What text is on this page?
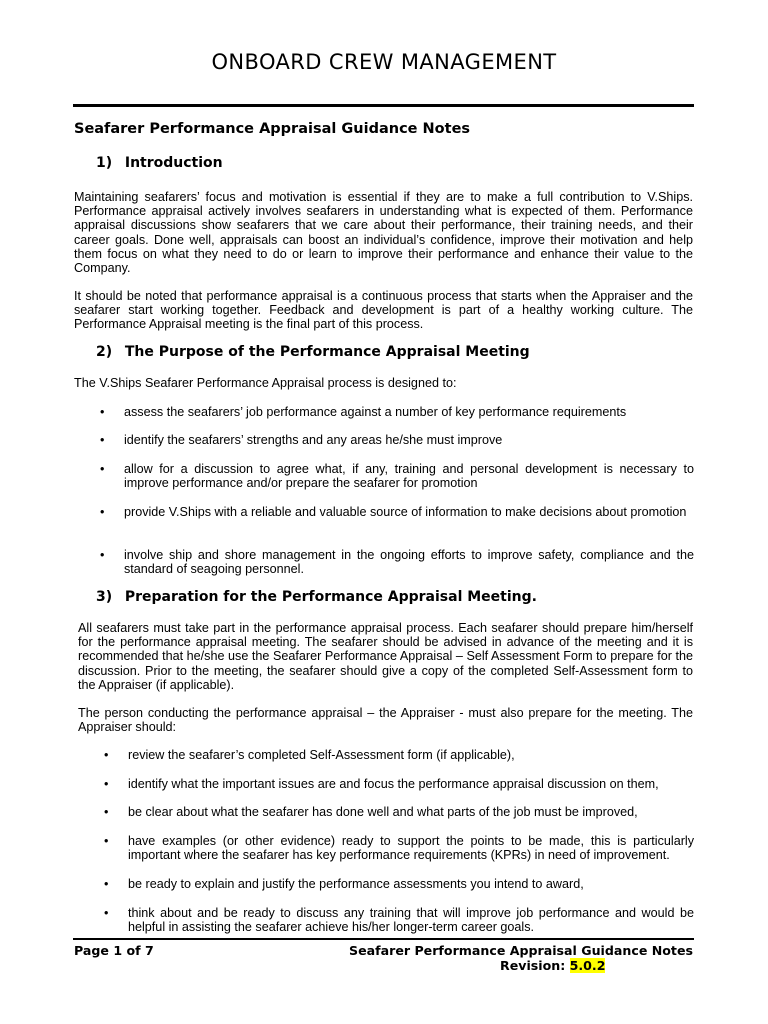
ONBOARD CREW MANAGEMENT
Seafarer Performance Appraisal Guidance Notes
1) Introduction

Maintaining seafarers’ focus and motivation is essential if they are to make a full contribution to V.Ships. Performance appraisal actively involves seafarers in understanding what is expected of them. Performance appraisal discussions show seafarers that we care about their performance, their training needs, and their career goals. Done well, appraisals can boost an individual’s confidence, improve their motivation and help them focus on what they need to do or learn to improve their performance and enhance their value to the Company.

It should be noted that performance appraisal is a continuous process that starts when the Appraiser and the seafarer start working together. Feedback and development is part of a healthy working culture. The Performance Appraisal meeting is the final part of this process.

2) The Purpose of the Performance Appraisal Meeting

The V.Ships Seafarer Performance Appraisal process is designed to:

• assess the seafarers’ job performance against a number of key performance requirements
• identify the seafarers’ strengths and any areas he/she must improve
• allow for a discussion to agree what, if any, training and personal development is necessary to improve performance and/or prepare the seafarer for promotion
• provide V.Ships with a reliable and valuable source of information to make decisions about promotion
• involve ship and shore management in the ongoing efforts to improve safety, compliance and the standard of seagoing personnel.
3) Preparation for the Performance Appraisal Meeting.

All seafarers must take part in the performance appraisal process. Each seafarer should prepare him/herself for the performance appraisal meeting. The seafarer should be advised in advance of the meeting and it is recommended that he/she use the Seafarer Performance Appraisal – Self Assessment Form to prepare for the discussion. Prior to the meeting, the seafarer should give a copy of the completed Self-Assessment form to the Appraiser (if applicable).

The person conducting the performance appraisal – the Appraiser - must also prepare for the meeting. The Appraiser should:

• review the seafarer’s completed Self-Assessment form (if applicable),
• identify what the important issues are and focus the performance appraisal discussion on them,
• be clear about what the seafarer has done well and what parts of the job must be improved,
• have examples (or other evidence) ready to support the points to be made, this is particularly important where the seafarer has key performance requirements (KPRs) in need of improvement.
• be ready to explain and justify the performance assessments you intend to award,
• think about and be ready to discuss any training that will improve job performance and would be helpful in assisting the seafarer achieve his/her longer-term career goals.
Page 1 of 7	Seafarer Performance Appraisal Guidance Notes
Revision: 5.0.2
